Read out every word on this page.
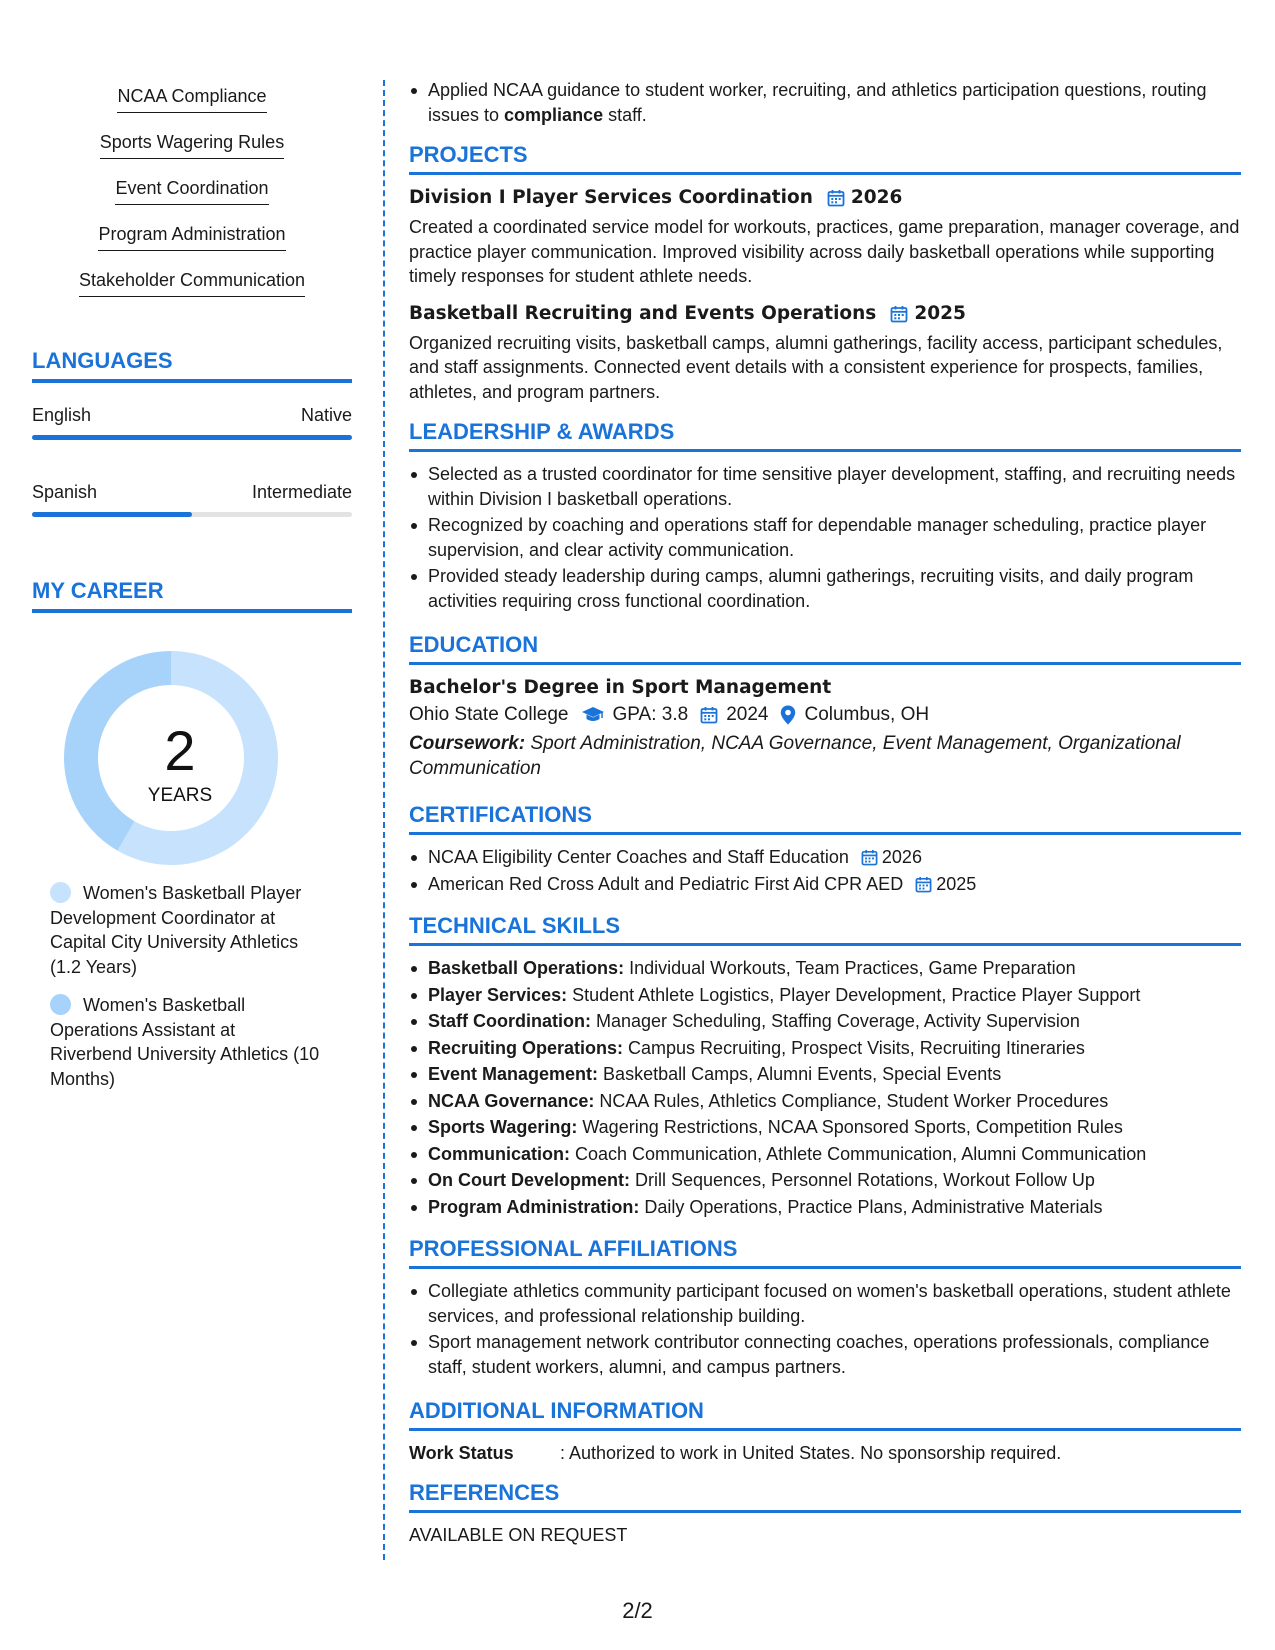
NCAA Compliance
Sports Wagering Rules
Event Coordination
Program Administration
Stakeholder Communication
LANGUAGES
English	Native
Spanish	Intermediate
MY CAREER
2
YEARS
Women's Basketball Player Development Coordinator at Capital City University Athletics (1.2 Years)
Women's Basketball Operations Assistant at Riverbend University Athletics (10 Months)
Applied NCAA guidance to student worker, recruiting, and athletics participation questions, routing issues to compliance staff.
PROJECTS
Division I Player Services Coordination 2026
Created a coordinated service model for workouts, practices, game preparation, manager coverage, and practice player communication. Improved visibility across daily basketball operations while supporting timely responses for student athlete needs.
Basketball Recruiting and Events Operations 2025
Organized recruiting visits, basketball camps, alumni gatherings, facility access, participant schedules, and staff assignments. Connected event details with a consistent experience for prospects, families, athletes, and program partners.
LEADERSHIP & AWARDS
Selected as a trusted coordinator for time sensitive player development, staffing, and recruiting needs within Division I basketball operations.
Recognized by coaching and operations staff for dependable manager scheduling, practice player supervision, and clear activity communication.
Provided steady leadership during camps, alumni gatherings, recruiting visits, and daily program activities requiring cross functional coordination.
EDUCATION
Bachelor's Degree in Sport Management
Ohio State College GPA: 3.8 2024 Columbus, OH
Coursework: Sport Administration, NCAA Governance, Event Management, Organizational Communication
CERTIFICATIONS
NCAA Eligibility Center Coaches and Staff Education 2026
American Red Cross Adult and Pediatric First Aid CPR AED 2025
TECHNICAL SKILLS
Basketball Operations: Individual Workouts, Team Practices, Game Preparation
Player Services: Student Athlete Logistics, Player Development, Practice Player Support
Staff Coordination: Manager Scheduling, Staffing Coverage, Activity Supervision
Recruiting Operations: Campus Recruiting, Prospect Visits, Recruiting Itineraries
Event Management: Basketball Camps, Alumni Events, Special Events
NCAA Governance: NCAA Rules, Athletics Compliance, Student Worker Procedures
Sports Wagering: Wagering Restrictions, NCAA Sponsored Sports, Competition Rules
Communication: Coach Communication, Athlete Communication, Alumni Communication
On Court Development: Drill Sequences, Personnel Rotations, Workout Follow Up
Program Administration: Daily Operations, Practice Plans, Administrative Materials
PROFESSIONAL AFFILIATIONS
Collegiate athletics community participant focused on women's basketball operations, student athlete services, and professional relationship building.
Sport management network contributor connecting coaches, operations professionals, compliance staff, student workers, alumni, and campus partners.
ADDITIONAL INFORMATION
Work Status	: Authorized to work in United States. No sponsorship required.
REFERENCES
AVAILABLE ON REQUEST
2/2
